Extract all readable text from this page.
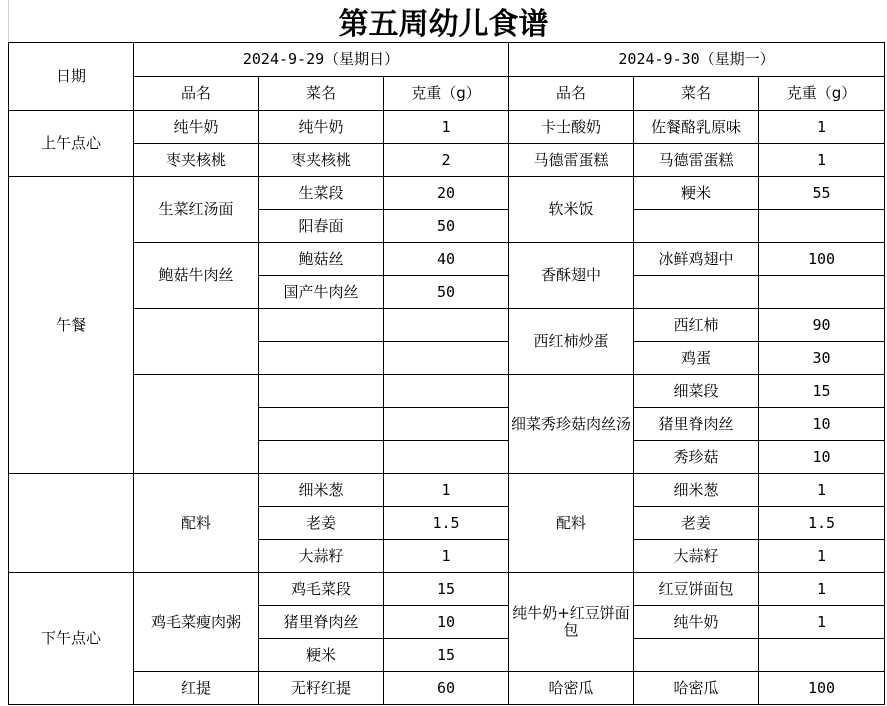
第五周幼儿食谱
日期	2024-9-29（星期日）			2024-9-30（星期一）		
	品名	菜名	克重（g）	品名	菜名	克重（g）
上午点心	纯牛奶	纯牛奶	1	卡士酸奶	佐餐酪乳原味	1
	枣夹核桃	枣夹核桃	2	马德雷蛋糕	马德雷蛋糕	1
午餐	生菜红汤面	生菜段	20	软米饭	粳米	55
		阳春面	50			
	鲍菇牛肉丝	鲍菇丝	40	香酥翅中	冰鲜鸡翅中	100
		国产牛肉丝	50			
				西红柿炒蛋	西红柿	90
					鸡蛋	30
				细菜秀珍菇肉丝汤	细菜段	15
					猪里脊肉丝	10
					秀珍菇	10
	配料	细米葱	1	配料	细米葱	1
		老姜	1.5		老姜	1.5
		大蒜籽	1		大蒜籽	1
下午点心	鸡毛菜瘦肉粥	鸡毛菜段	15	纯牛奶+红豆饼面包	红豆饼面包	1
		猪里脊肉丝	10		纯牛奶	1
		粳米	15			
	红提	无籽红提	60	哈密瓜	哈密瓜	100
